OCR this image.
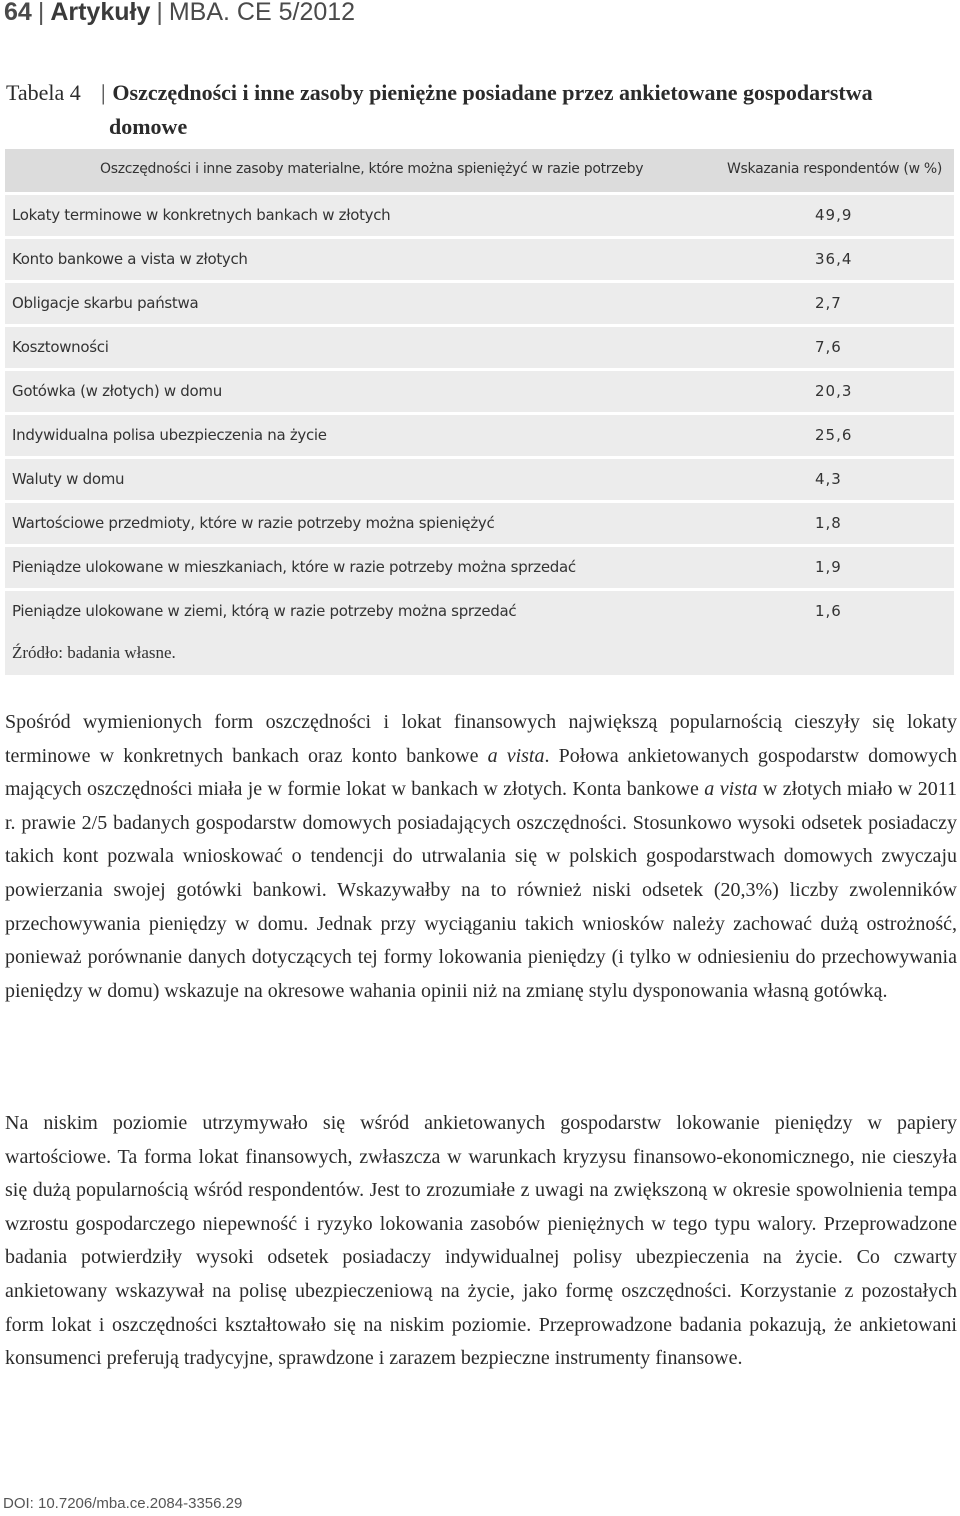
64 | Artykuły | MBA. CE 5/2012
Tabela 4 | Oszczędności i inne zasoby pieniężne posiadane przez ankietowane gospodarstwa
domowe
Oszczędności i inne zasoby materialne, które można spieniężyć w razie potrzeby	Wskazania respondentów (w %)
Lokaty terminowe w konkretnych bankach w złotych	49,9
Konto bankowe a vista w złotych	36,4
Obligacje skarbu państwa	2,7
Kosztowności	7,6
Gotówka (w złotych) w domu	20,3
Indywidualna polisa ubezpieczenia na życie	25,6
Waluty w domu	4,3
Wartościowe przedmioty, które w razie potrzeby można spieniężyć	1,8
Pieniądze ulokowane w mieszkaniach, które w razie potrzeby można sprzedać	1,9
Pieniądze ulokowane w ziemi, którą w razie potrzeby można sprzedać	1,6
Źródło: badania własne.

Spośród wymienionych form oszczędności i lokat finansowych największą popularnością cieszyły się lokaty terminowe w konkretnych bankach oraz konto bankowe a vista. Połowa ankietowanych gospodarstw domowych mających oszczędności miała je w formie lokat w bankach w złotych. Konta bankowe a vista w złotych miało w 2011 r. prawie 2/5 badanych gospodarstw domowych posiadających oszczędności. Stosunkowo wysoki odsetek posiadaczy takich kont pozwala wnioskować o tendencji do utrwalania się w polskich gospodarstwach domowych zwyczaju powierzania swojej gotówki bankowi. Wskazywałby na to również niski odsetek (20,3%) liczby zwolenników przechowywania pieniędzy w domu. Jednak przy wyciąganiu takich wniosków należy zachować dużą ostrożność, ponieważ porównanie danych dotyczących tej formy lokowania pieniędzy (i tylko w odniesieniu do przechowywania pieniędzy w domu) wskazuje na okresowe wahania opinii niż na zmianę stylu dysponowania własną gotówką.

Na niskim poziomie utrzymywało się wśród ankietowanych gospodarstw lokowanie pieniędzy w papiery wartościowe. Ta forma lokat finansowych, zwłaszcza w warunkach kryzysu finansowo-ekonomicznego, nie cieszyła się dużą popularnością wśród respondentów. Jest to zrozumiałe z uwagi na zwiększoną w okresie spowolnienia tempa wzrostu gospodarczego niepewność i ryzyko lokowania zasobów pieniężnych w tego typu walory. Przeprowadzone badania potwierdziły wysoki odsetek posiadaczy indywidualnej polisy ubezpieczenia na życie. Co czwarty ankietowany wskazywał na polisę ubezpieczeniową na życie, jako formę oszczędności. Korzystanie z pozostałych form lokat i oszczędności kształtowało się na niskim poziomie. Przeprowadzone badania pokazują, że ankietowani konsumenci preferują tradycyjne, sprawdzone i zarazem bezpieczne instrumenty finansowe.

DOI: 10.7206/mba.ce.2084-3356.29
